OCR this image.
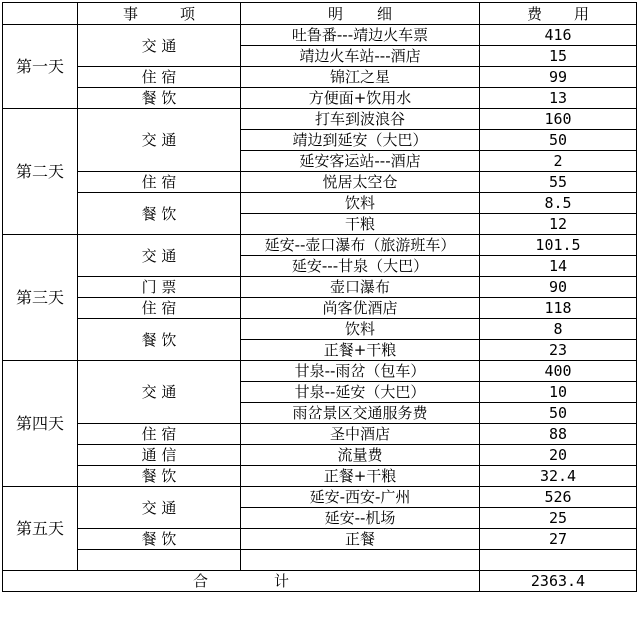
	事 项	明 细	费 用
第一天	交 通	吐鲁番---靖边火车票	416
		靖边火车站---酒店	15
	住 宿	锦江之星	99
	餐 饮	方便面+饮用水	13
第二天	交 通	打车到波浪谷	160
		靖边到延安（大巴）	50
		延安客运站---酒店	2
	住 宿	悦居太空仓	55
	餐 饮	饮料	8.5
		干粮	12
第三天	交 通	延安--壶口瀑布（旅游班车）	101.5
		延安---甘泉（大巴）	14
	门 票	壶口瀑布	90
	住 宿	尚客优酒店	118
	餐 饮	饮料	8
		正餐+干粮	23
第四天	交 通	甘泉--雨岔（包车）	400
		甘泉--延安（大巴）	10
		雨岔景区交通服务费	50
	住 宿	圣中酒店	88
	通 信	流量费	20
	餐 饮	正餐+干粮	32.4
第五天	交 通	延安-西安-广州	526
		延安--机场	25
	餐 饮	正餐	27

合 计			2363.4
